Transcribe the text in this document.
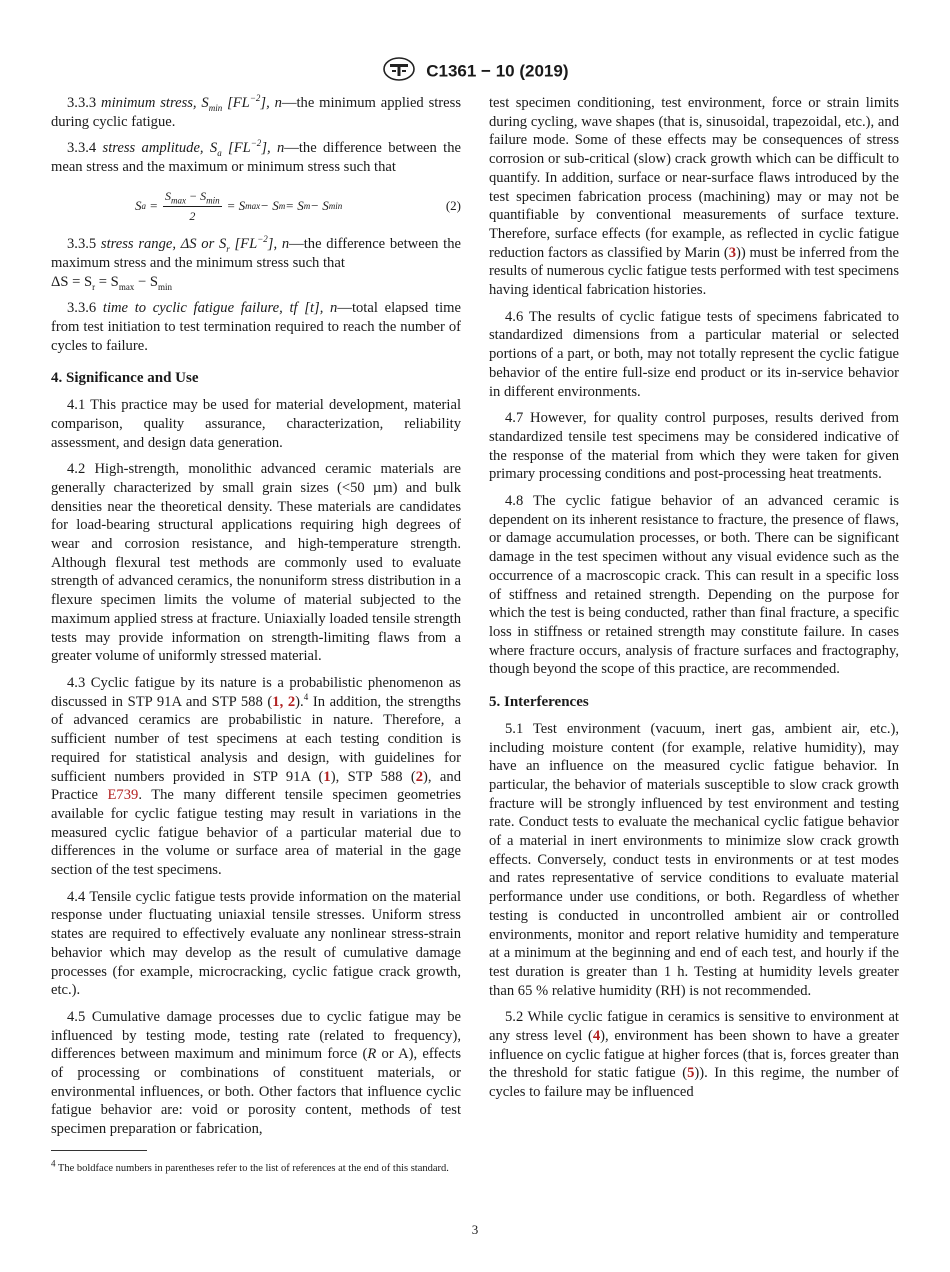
C1361 − 10 (2019)

3.3.3 minimum stress, $S_{min}$ $[FL^{-2}]$, n—the minimum applied stress during cyclic fatigue.

3.3.4 stress amplitude, $S_a$ $[FL^{-2}]$, n—the difference between the mean stress and the maximum or minimum stress such that

S $a = \frac{S_{max} - S_{min}}{2} = S$ max − S m = S m − S min	(2)

3.3.5 stress range, ΔS or $S_r$ $[FL^{-2}]$, n—the difference between the maximum stress and the minimum stress such that
$\Delta S = S_r = S_{max} - S_{min}$

3.3.6 time to cyclic fatigue failure, tf [t], n—total elapsed time from test initiation to test termination required to reach the number of cycles to failure.

4. Significance and Use

4.1 This practice may be used for material development, material comparison, quality assurance, characterization, reliability assessment, and design data generation.

4.2 High-strength, monolithic advanced ceramic materials are generally characterized by small grain sizes (<50 µm) and bulk densities near the theoretical density. These materials are candidates for load-bearing structural applications requiring high degrees of wear and corrosion resistance, and high-temperature strength. Although flexural test methods are commonly used to evaluate strength of advanced ceramics, the nonuniform stress distribution in a flexure specimen limits the volume of material subjected to the maximum applied stress at fracture. Uniaxially loaded tensile strength tests may provide information on strength-limiting flaws from a greater volume of uniformly stressed material.

4.3 Cyclic fatigue by its nature is a probabilistic phenomenon as discussed in STP 91A and STP 588 (1, 2).$^4$ In addition, the strengths of advanced ceramics are probabilistic in nature. Therefore, a sufficient number of test specimens at each testing condition is required for statistical analysis and design, with guidelines for sufficient numbers provided in STP 91A (1), STP 588 (2), and Practice E739. The many different tensile specimen geometries available for cyclic fatigue testing may result in variations in the measured cyclic fatigue behavior of a particular material due to differences in the volume or surface area of material in the gage section of the test specimens.

4.4 Tensile cyclic fatigue tests provide information on the material response under fluctuating uniaxial tensile stresses. Uniform stress states are required to effectively evaluate any nonlinear stress-strain behavior which may develop as the result of cumulative damage processes (for example, microcracking, cyclic fatigue crack growth, etc.).

4.5 Cumulative damage processes due to cyclic fatigue may be influenced by testing mode, testing rate (related to frequency), differences between maximum and minimum force (R or A), effects of processing or combinations of constituent materials, or environmental influences, or both. Other factors that influence cyclic fatigue behavior are: void or porosity content, methods of test specimen preparation or fabrication,

test specimen conditioning, test environment, force or strain limits during cycling, wave shapes (that is, sinusoidal, trapezoidal, etc.), and failure mode. Some of these effects may be consequences of stress corrosion or sub-critical (slow) crack growth which can be difficult to quantify. In addition, surface or near-surface flaws introduced by the test specimen fabrication process (machining) may or may not be quantifiable by conventional measurements of surface texture. Therefore, surface effects (for example, as reflected in cyclic fatigue reduction factors as classified by Marin (3)) must be inferred from the results of numerous cyclic fatigue tests performed with test specimens having identical fabrication histories.

4.6 The results of cyclic fatigue tests of specimens fabricated to standardized dimensions from a particular material or selected portions of a part, or both, may not totally represent the cyclic fatigue behavior of the entire full-size end product or its in-service behavior in different environments.

4.7 However, for quality control purposes, results derived from standardized tensile test specimens may be considered indicative of the response of the material from which they were taken for given primary processing conditions and post-processing heat treatments.

4.8 The cyclic fatigue behavior of an advanced ceramic is dependent on its inherent resistance to fracture, the presence of flaws, or damage accumulation processes, or both. There can be significant damage in the test specimen without any visual evidence such as the occurrence of a macroscopic crack. This can result in a specific loss of stiffness and retained strength. Depending on the purpose for which the test is being conducted, rather than final fracture, a specific loss in stiffness or retained strength may constitute failure. In cases where fracture occurs, analysis of fracture surfaces and fractography, though beyond the scope of this practice, are recommended.

5. Interferences

5.1 Test environment (vacuum, inert gas, ambient air, etc.), including moisture content (for example, relative humidity), may have an influence on the measured cyclic fatigue behavior. In particular, the behavior of materials susceptible to slow crack growth fracture will be strongly influenced by test environment and testing rate. Conduct tests to evaluate the mechanical cyclic fatigue behavior of a material in inert environments to minimize slow crack growth effects. Conversely, conduct tests in environments or at test modes and rates representative of service conditions to evaluate material performance under use conditions, or both. Regardless of whether testing is conducted in uncontrolled ambient air or controlled environments, monitor and report relative humidity and temperature at a minimum at the beginning and end of each test, and hourly if the test duration is greater than 1 h. Testing at humidity levels greater than 65 % relative humidity (RH) is not recommended.

5.2 While cyclic fatigue in ceramics is sensitive to environment at any stress level (4), environment has been shown to have a greater influence on cyclic fatigue at higher forces (that is, forces greater than the threshold for static fatigue (5)). In this regime, the number of cycles to failure may be influenced

$^4$ The boldface numbers in parentheses refer to the list of references at the end of this standard.
3
